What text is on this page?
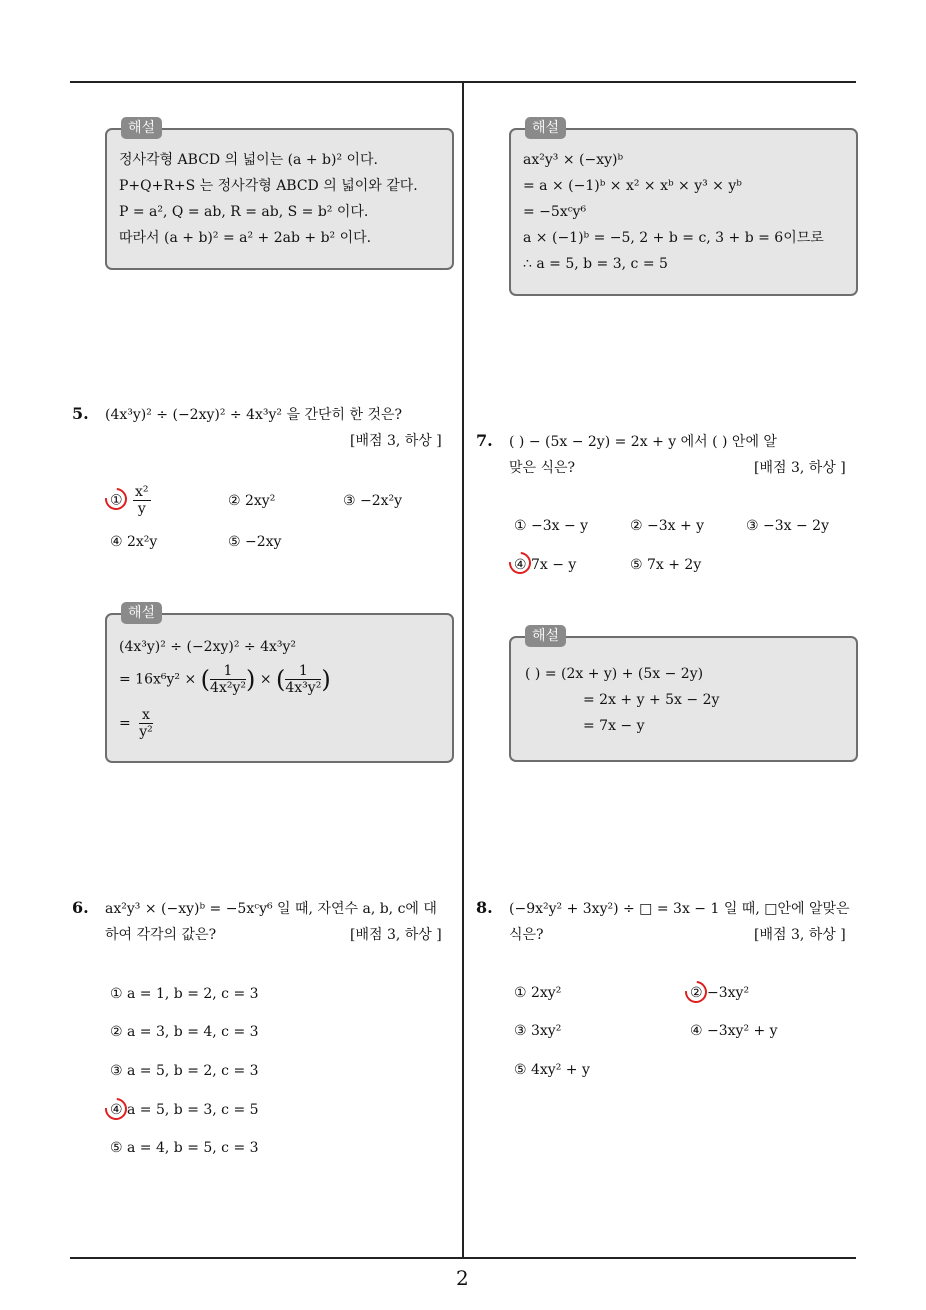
2
해설
정사각형 ABCD 의 넓이는 (a + b)² 이다.
P+Q+R+S 는 정사각형 ABCD 의 넓이와 같다.
P = a², Q = ab, R = ab, S = b² 이다.
따라서 (a + b)² = a² + 2ab + b² 이다.
5. (4x³y)² ÷ (−2xy)² ÷ 4x³y² 을 간단히 한 것은?
[배점 3, 하상 ]
① $\frac{\text{x²}}{y}$	② 2xy²	③ −2x²y
④ 2x²y	⑤ −2xy
해설
(4x³y)² ÷ (−2xy)² ÷ 4x³y²
= 16x⁶y² × ( $\frac{1}{\text{4x²y²}}$ ) × ( $\frac{1}{\text{4x³y²}}$ )
= $\frac{x}{\text{y²}}$
6. ax²y³ × (−xy)ᵇ = −5xᶜy⁶ 일 때, 자연수 a, b, c에 대
하여 각각의 값은?	[배점 3, 하상 ]
① a = 1, b = 2, c = 3
② a = 3, b = 4, c = 3
③ a = 5, b = 2, c = 3
④ a = 5, b = 3, c = 5
⑤ a = 4, b = 5, c = 3
해설
ax²y³ × (−xy)ᵇ
= a × (−1)ᵇ × x² × xᵇ × y³ × yᵇ
= −5xᶜy⁶
a × (−1)ᵇ = −5, 2 + b = c, 3 + b = 6이므로
∴ a = 5, b = 3, c = 5
7. ( ) − (5x − 2y) = 2x + y 에서 ( ) 안에 알
맞은 식은?	[배점 3, 하상 ]
① −3x − y	② −3x + y	③ −3x − 2y
④ 7x − y	⑤ 7x + 2y
해설
( ) = (2x + y) + (5x − 2y)
= 2x + y + 5x − 2y
= 7x − y
8. (−9x²y² + 3xy²) ÷ □ = 3x − 1 일 때, □안에 알맞은
식은?	[배점 3, 하상 ]
① 2xy²	② −3xy²
③ 3xy²	④ −3xy² + y
⑤ 4xy² + y
